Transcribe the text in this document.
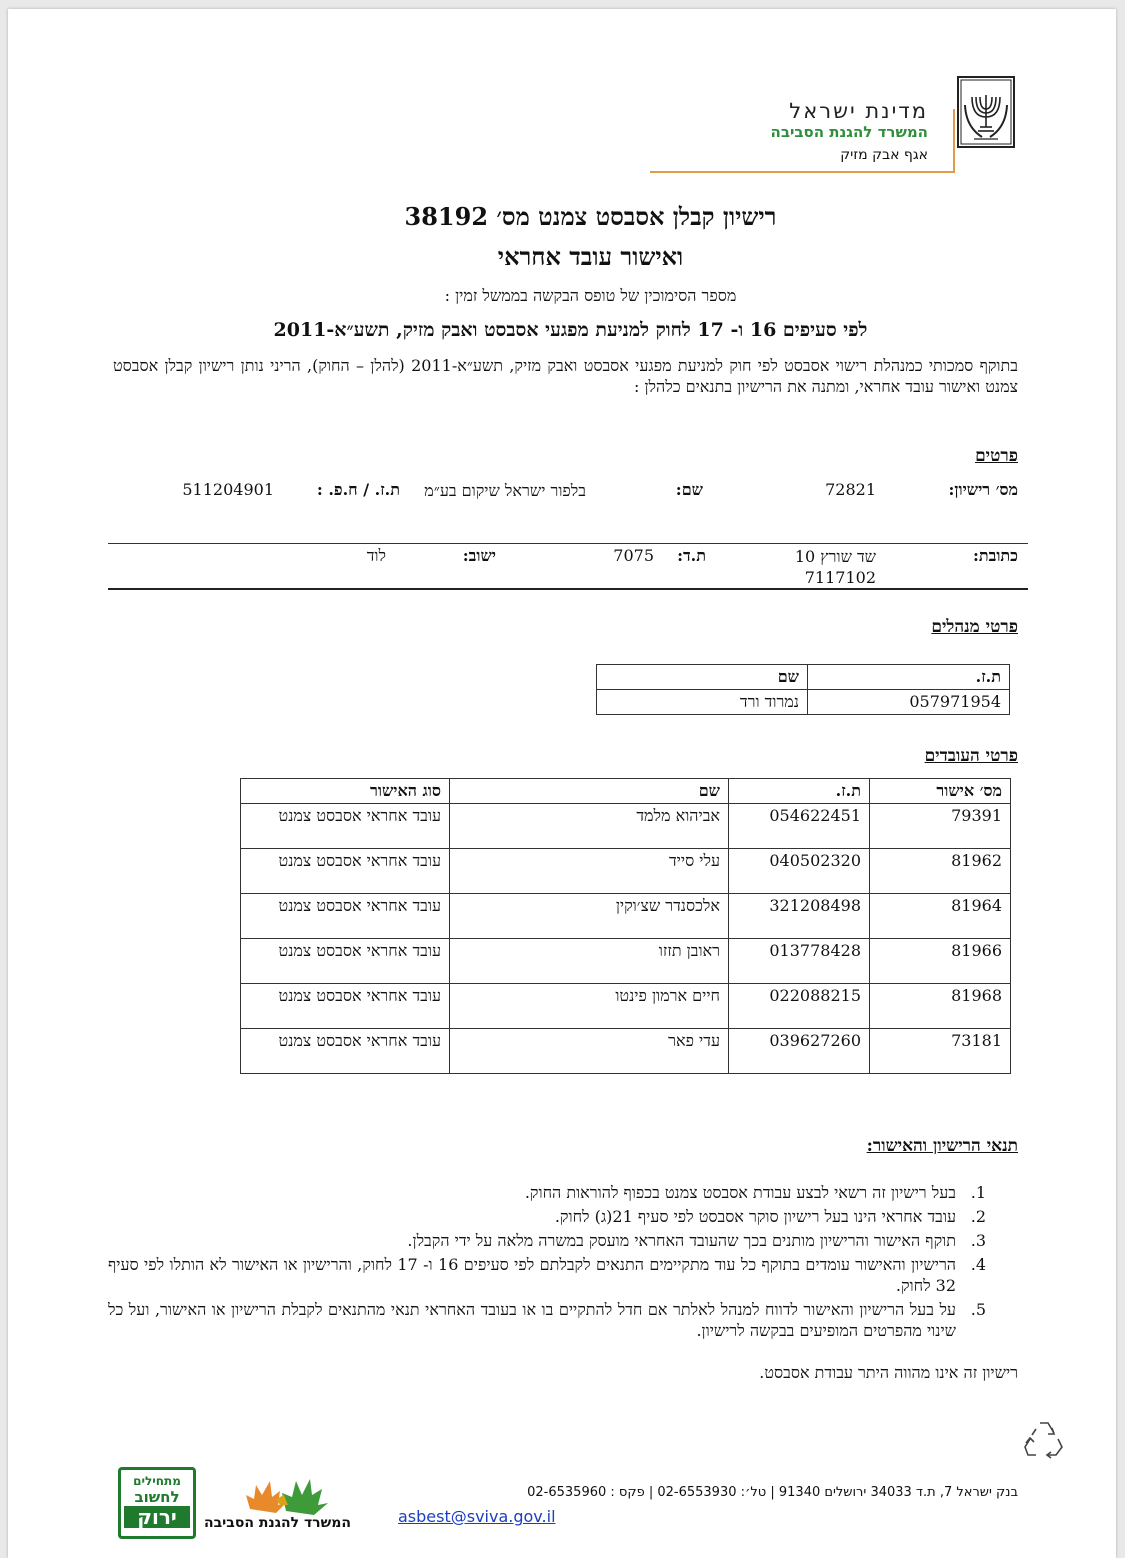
מדינת ישראל
המשרד להגנת הסביבה
אגף אבק מזיק
רישיון קבלן אסבסט צמנט מס׳ 38192
ואישור עובד אחראי
מספר הסימוכין של טופס הבקשה בממשל זמין :
לפי סעיפים 16 ו- 17 לחוק למניעת מפגעי אסבסט ואבק מזיק, תשע״א-2011
בתוקף סמכותי כמנהלת רישוי אסבסט לפי חוק למניעת מפגעי אסבסט ואבק מזיק, תשע״א-2011 (להלן – החוק), הריני נותן רישיון קבלן אסבסט צמנט ואישור עובד אחראי, ומתנה את הרישיון בתנאים כלהלן :
פרטים
מס׳ רישיון:
72821
שם:
בלפור ישראל שיקום בע״מ
ת.ז. / ח.פ. :
511204901
כתובת:
שד שורץ 10 7117102
ת.ד:
7075
ישוב:
לוד
פרטי מנהלים
ת.ז.	שם
057971954	נמרוד ורד
פרטי העובדים
מס׳ אישור	ת.ז.	שם	סוג האישור
79391	054622451	אביהוא מלמד	עובד אחראי אסבסט צמנט
81962	040502320	עלי סייד	עובד אחראי אסבסט צמנט
81964	321208498	אלכסנדר שצ׳וקין	עובד אחראי אסבסט צמנט
81966	013778428	ראובן תזזו	עובד אחראי אסבסט צמנט
81968	022088215	חיים ארמון פינטו	עובד אחראי אסבסט צמנט
73181	039627260	עדי פאר	עובד אחראי אסבסט צמנט
תנאי הרישיון והאישור:
1.
בעל רישיון זה רשאי לבצע עבודת אסבסט צמנט בכפוף להוראות החוק.
2.
עובד אחראי הינו בעל רישיון סוקר אסבסט לפי סעיף 21(ג) לחוק.
3.
תוקף האישור והרישיון מותנים בכך שהעובד האחראי מועסק במשרה מלאה על ידי הקבלן.
4.
הרישיון והאישור עומדים בתוקף כל עוד מתקיימים התנאים לקבלתם לפי סעיפים 16 ו- 17 לחוק, והרישיון או האישור לא הותלו לפי סעיף 32 לחוק.
5.
על בעל הרישיון והאישור לדווח למנהל לאלתר אם חדל להתקיים בו או בעובד האחראי תנאי מהתנאים לקבלת הרישיון או האישור, ועל כל שינוי מהפרטים המופיעים בבקשה לרישיון.
רישיון זה אינו מהווה היתר עבודת אסבסט.
בנק ישראל 7, ת.ד 34033 ירושלים 91340 | טל׳: 02-6553930 | פקס : 02-6535960
asbest@sviva.gov.il
המשרד להגנת הסביבה
מתחילים
לחשוב
ירוק
